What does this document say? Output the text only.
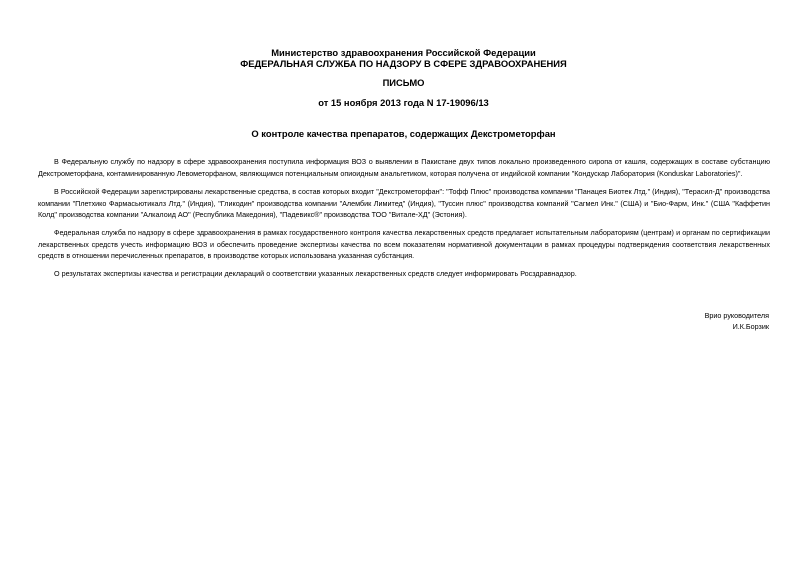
Министерство здравоохранения Российской Федерации
ФЕДЕРАЛЬНАЯ СЛУЖБА ПО НАДЗОРУ В СФЕРЕ ЗДРАВООХРАНЕНИЯ
ПИСЬМО
от 15 ноября 2013 года N 17-19096/13
О контроле качества препаратов, содержащих Декстрометорфан

В Федеральную службу по надзору в сфере здравоохранения поступила информация ВОЗ о выявлении в Пакистане двух типов локально произведенного сиропа от кашля, содержащих в составе субстанцию Декстрометорфана, контаминированную Левометорфаном, являющимся потенциальным опиоидным анальгетиком, которая получена от индийской компании "Кондускар Лаборатория (Konduskar Laboratories)".

В Российской Федерации зарегистрированы лекарственные средства, в состав которых входит "Декстрометорфан": "Тофф Плюс" производства компании "Панацея Биотек Лтд." (Индия), "Терасил-Д" производства компании "Плетхико Фармасьютикалз Лтд." (Индия), "Гликодин" производства компании "Алембик Лимитед" (Индия), "Туссин плюс" производства компаний "Сагмел Инк." (США) и "Био-Фарм, Инк." (США "Каффетин Колд" производства компании "Алкалоид АО" (Республика Македония), "Падевикс®" производства ТОО "Витале-ХД" (Эстония).

Федеральная служба по надзору в сфере здравоохранения в рамках государственного контроля качества лекарственных средств предлагает испытательным лабораториям (центрам) и органам по сертификации лекарственных средств учесть информацию ВОЗ и обеспечить проведение экспертизы качества по всем показателям нормативной документации в рамках процедуры подтверждения соответствия лекарственных средств в отношении перечисленных препаратов, в производстве которых использована указанная субстанция.

О результатах экспертизы качества и регистрации деклараций о соответствии указанных лекарственных средств следует информировать Росздравнадзор.

Врио руководителя
И.К.Борзик
